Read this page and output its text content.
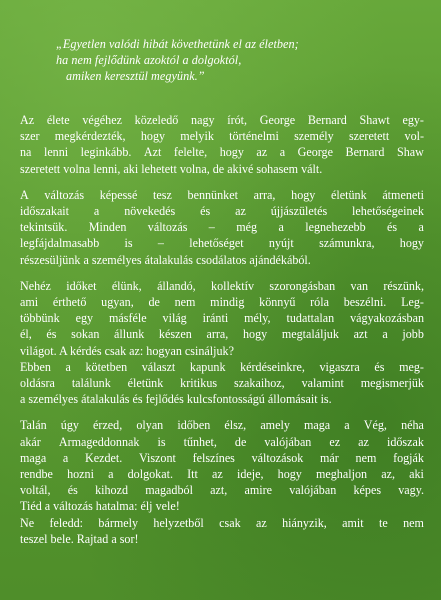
„Egyetlen valódi hibát követhetünk el az életben;
ha nem fejlődünk azoktól a dolgoktól,
amiken keresztül megyünk.”
Az élete végéhez közeledő nagy írót, George Bernard Shawt egy-
szer megkérdezték, hogy melyik történelmi személy szeretett vol-
na lenni leginkább. Azt felelte, hogy az a George Bernard Shaw
szeretett volna lenni, aki lehetett volna, de akivé sohasem vált.
A változás képessé tesz bennünket arra, hogy életünk átmeneti
időszakait a növekedés és az újjászületés lehetőségeinek
tekintsük. Minden változás – még a legnehezebb és a
legfájdalmasabb is – lehetőséget nyújt számunkra, hogy
részesüljünk a személyes átalakulás csodálatos ajándékából.
Nehéz időket élünk, állandó, kollektív szorongásban van részünk,
ami érthető ugyan, de nem mindig könnyű róla beszélni. Leg-
többünk egy másféle világ iránti mély, tudattalan vágyakozásban
él, és sokan állunk készen arra, hogy megtaláljuk azt a jobb
világot. A kérdés csak az: hogyan csináljuk?
Ebben a kötetben választ kapunk kérdéseinkre, vigaszra és meg-
oldásra találunk életünk kritikus szakaihoz, valamint megismerjük
a személyes átalakulás és fejlődés kulcsfontosságú állomásait is.
Talán úgy érzed, olyan időben élsz, amely maga a Vég, néha
akár Armageddonnak is tűnhet, de valójában ez az időszak
maga a Kezdet. Viszont felszínes változások már nem fogják
rendbe hozni a dolgokat. Itt az ideje, hogy meghaljon az, aki
voltál, és kihozd magadból azt, amire valójában képes vagy.
Tiéd a változás hatalma: élj vele!
Ne feledd: bármely helyzetből csak az hiányzik, amit te nem
teszel bele. Rajtad a sor!
